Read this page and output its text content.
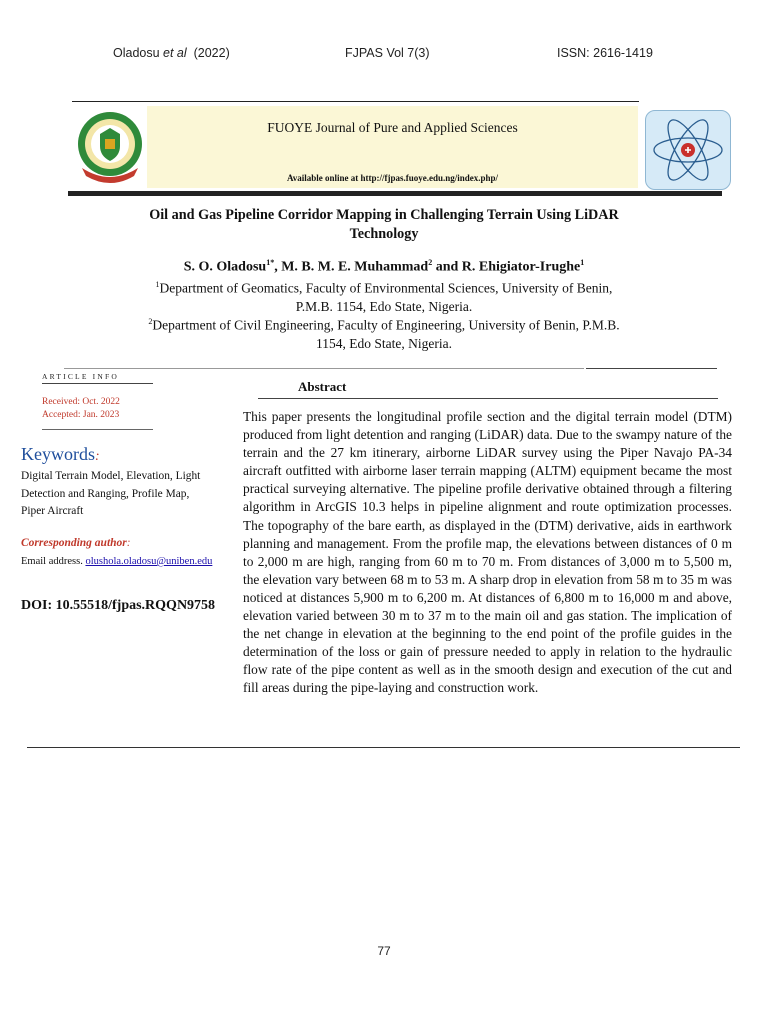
Oladosu et al  (2022)	FJPAS Vol 7(3)	ISSN: 2616-1419
FUOYE Journal of Pure and Applied Sciences
Available online at http://fjpas.fuoye.edu.ng/index.php/
Oil and Gas Pipeline Corridor Mapping in Challenging Terrain Using LiDAR
Technology
S. O. Oladosu$^{1*}$, M. B. M. E. Muhammad$^2$ and R. Ehigiator-Irughe$^1$
$^1$Department of Geomatics, Faculty of Environmental Sciences, University of Benin,
P.M.B. 1154, Edo State, Nigeria.
$^2$Department of Civil Engineering, Faculty of Engineering, University of Benin, P.M.B.
1154, Edo State, Nigeria.
ARTICLE INFO
Received: Oct. 2022
Accepted: Jan. 2023
Keywords:
Digital Terrain Model, Elevation, Light
Detection and Ranging, Profile Map,
Piper Aircraft
Corresponding author:
Email address. olushola.oladosu@uniben.edu
DOI: 10.55518/fjpas.RQQN9758
Abstract
This paper presents the longitudinal profile section and the digital terrain model (DTM) produced from light detention and ranging (LiDAR) data. Due to the swampy nature of the terrain and the 27 km itinerary, airborne LiDAR survey using the Piper Navajo PA-34 aircraft outfitted with airborne laser terrain mapping (ALTM) equipment became the most practical surveying alternative. The pipeline profile derivative obtained through a filtering algorithm in ArcGIS 10.3 helps in pipeline alignment and route optimization processes. The topography of the bare earth, as displayed in the (DTM) derivative, aids in earthwork planning and management. From the profile map, the elevations between distances of 0 m to 2,000 m are high, ranging from 60 m to 70 m. From distances of 3,000 m to 5,500 m, the elevation vary between 68 m to 53 m. A sharp drop in elevation from 58 m to 35 m was noticed at distances 5,900 m to 6,200 m. At distances of 6,800 m to 16,000 m and above, elevation varied between 30 m to 37 m to the main oil and gas station. The implication of the net change in elevation at the beginning to the end point of the profile guides in the determination of the loss or gain of pressure needed to apply in relation to the hydraulic flow rate of the pipe content as well as in the smooth design and execution of the cut and fill areas during the pipe-laying and construction work.
77
